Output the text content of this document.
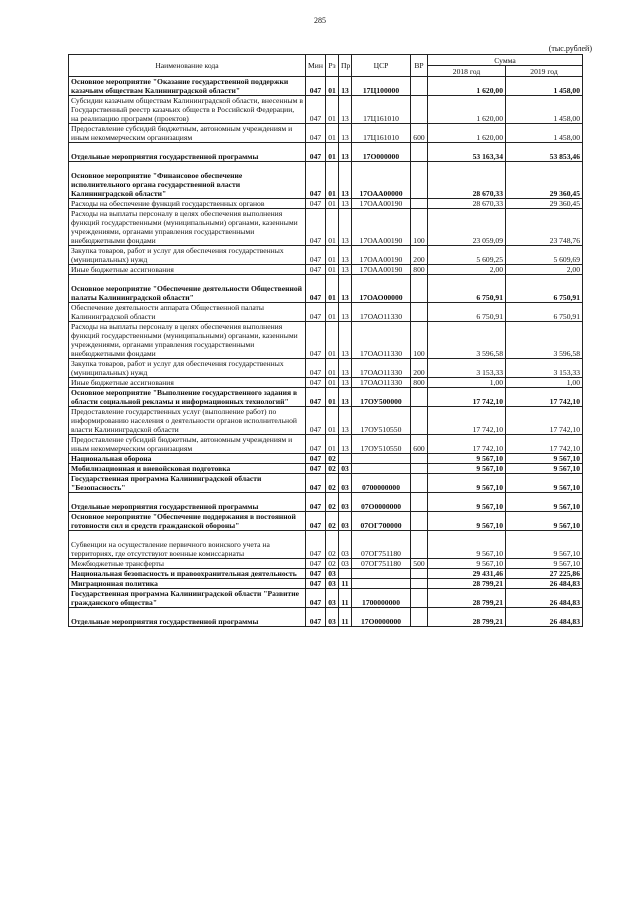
285
(тыс.рублей)
Наименование кода	Мин	Рз	Пр	ЦСР	ВР	Сумма	
						2018 год	2019 год
Основное мероприятие "Оказание государственной поддержки казачьим обществам Калининградской области"	047	01	13	17Ц100000		1 620,00	1 458,00
Субсидии казачьим обществам Калининградской области, внесенным в Государственный реестр казачьих обществ в Российской Федерации, на реализацию программ (проектов)	047	01	13	17Ц161010		1 620,00	1 458,00
Предоставление субсидий бюджетным, автономным учреждениям и иным некоммерческим организациям	047	01	13	17Ц161010	600	1 620,00	1 458,00
Отдельные мероприятия государственной программы	047	01	13	17О000000		53 163,34	53 853,46
Основное мероприятие "Финансовое обеспечение исполнительного органа государственной власти Калининградской области"	047	01	13	17ОАА00000		28 670,33	29 360,45
Расходы на обеспечение функций государственных органов	047	01	13	17ОАА00190		28 670,33	29 360,45
Расходы на выплаты персоналу в целях обеспечения выполнения функций государственными (муниципальными) органами, казенными учреждениями, органами управления государственными внебюджетными фондами	047	01	13	17ОАА00190	100	23 059,09	23 748,76
Закупка товаров, работ и услуг для обеспечения государственных (муниципальных) нужд	047	01	13	17ОАА00190	200	5 609,25	5 609,69
Иные бюджетные ассигнования	047	01	13	17ОАА00190	800	2,00	2,00
Основное мероприятие "Обеспечение деятельности Общественной палаты Калининградской области"	047	01	13	17ОАО00000		6 750,91	6 750,91
Обеспечение деятельности аппарата Общественной палаты Калининградской области	047	01	13	17ОАО11330		6 750,91	6 750,91
Расходы на выплаты персоналу в целях обеспечения выполнения функций государственными (муниципальными) органами, казенными учреждениями, органами управления государственными внебюджетными фондами	047	01	13	17ОАО11330	100	3 596,58	3 596,58
Закупка товаров, работ и услуг для обеспечения государственных (муниципальных) нужд	047	01	13	17ОАО11330	200	3 153,33	3 153,33
Иные бюджетные ассигнования	047	01	13	17ОАО11330	800	1,00	1,00
Основное мероприятие "Выполнение государственного задания в области социальной рекламы и информационных технологий"	047	01	13	17ОУ500000		17 742,10	17 742,10
Предоставление государственных услуг (выполнение работ) по информированию населения о деятельности органов исполнительной власти Калининградской области	047	01	13	17ОУ510550		17 742,10	17 742,10
Предоставление субсидий бюджетным, автономным учреждениям и иным некоммерческим организациям	047	01	13	17ОУ510550	600	17 742,10	17 742,10
Национальная оборона	047	02				9 567,10	9 567,10
Мобилизационная и вневойсковая подготовка	047	02	03			9 567,10	9 567,10
Государственная программа Калининградской области "Безопасность"	047	02	03	0700000000		9 567,10	9 567,10
Отдельные мероприятия государственной программы	047	02	03	07О0000000		9 567,10	9 567,10
Основное мероприятие "Обеспечение поддержания в постоянной готовности сил и средств гражданской обороны"	047	02	03	07ОГ700000		9 567,10	9 567,10
Субвенции на осуществление первичного воинского учета на территориях, где отсутствуют военные комиссариаты	047	02	03	07ОГ751180		9 567,10	9 567,10
Межбюджетные трансферты	047	02	03	07ОГ751180	500	9 567,10	9 567,10
Национальная безопасность и правоохранительная деятельность	047	03				29 431,46	27 225,86
Миграционная политика	047	03	11			28 799,21	26 484,83
Государственная программа Калининградской области "Развитие гражданского общества"	047	03	11	1700000000		28 799,21	26 484,83
Отдельные мероприятия государственной программы	047	03	11	17О0000000		28 799,21	26 484,83
